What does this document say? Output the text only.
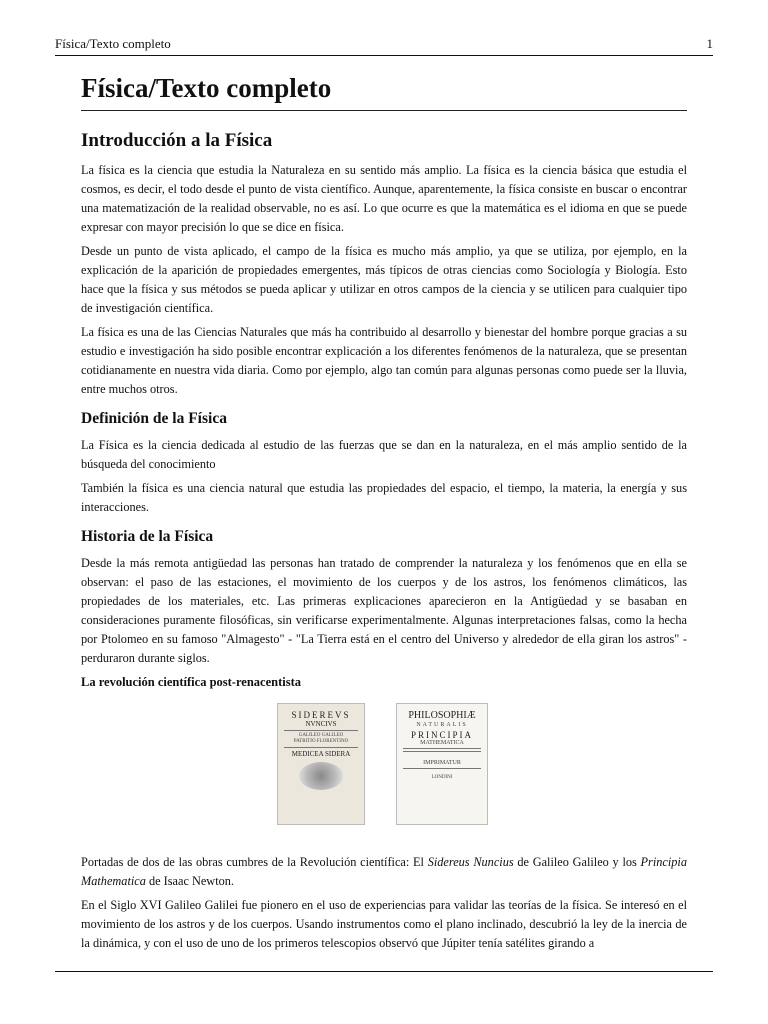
Física/Texto completo	1
Física/Texto completo
Introducción a la Física

La física es la ciencia que estudia la Naturaleza en su sentido más amplio. La física es la ciencia básica que estudia el cosmos, es decir, el todo desde el punto de vista científico. Aunque, aparentemente, la física consiste en buscar o encontrar una matematización de la realidad observable, no es así. Lo que ocurre es que la matemática es el idioma en que se puede expresar con mayor precisión lo que se dice en física.

Desde un punto de vista aplicado, el campo de la física es mucho más amplio, ya que se utiliza, por ejemplo, en la explicación de la aparición de propiedades emergentes, más típicos de otras ciencias como Sociología y Biología. Esto hace que la física y sus métodos se pueda aplicar y utilizar en otros campos de la ciencia y se utilicen para cualquier tipo de investigación científica.

La física es una de las Ciencias Naturales que más ha contribuido al desarrollo y bienestar del hombre porque gracias a su estudio e investigación ha sido posible encontrar explicación a los diferentes fenómenos de la naturaleza, que se presentan cotidianamente en nuestra vida diaria. Como por ejemplo, algo tan común para algunas personas como puede ser la lluvia, entre muchos otros.

Definición de la Física

La Física es la ciencia dedicada al estudio de las fuerzas que se dan en la naturaleza, en el más amplio sentido de la búsqueda del conocimiento

También la física es una ciencia natural que estudia las propiedades del espacio, el tiempo, la materia, la energía y sus interacciones.

Historia de la Física

Desde la más remota antigüedad las personas han tratado de comprender la naturaleza y los fenómenos que en ella se observan: el paso de las estaciones, el movimiento de los cuerpos y de los astros, los fenómenos climáticos, las propiedades de los materiales, etc. Las primeras explicaciones aparecieron en la Antigüedad y se basaban en consideraciones puramente filosóficas, sin verificarse experimentalmente. Algunas interpretaciones falsas, como la hecha por Ptolomeo en su famoso "Almagesto" - "La Tierra está en el centro del Universo y alrededor de ella giran los astros" - perduraron durante siglos.

La revolución científica post-renacentista
SIDEREVS
NVNCIVS
GALILEO GALILEO
PATRITIO FLORENTINO
MEDICEA SIDERA
PHILOSOPHIÆ
NATURALIS
PRINCIPIA
MATHEMATICA
IMPRIMATUR
LONDINI

Portadas de dos de las obras cumbres de la Revolución científica: El Sidereus Nuncius de Galileo Galileo y los Principia Mathematica de Isaac Newton.

En el Siglo XVI Galileo Galilei fue pionero en el uso de experiencias para validar las teorías de la física. Se interesó en el movimiento de los astros y de los cuerpos. Usando instrumentos como el plano inclinado, descubrió la ley de la inercia de la dinámica, y con el uso de uno de los primeros telescopios observó que Júpiter tenía satélites girando a
